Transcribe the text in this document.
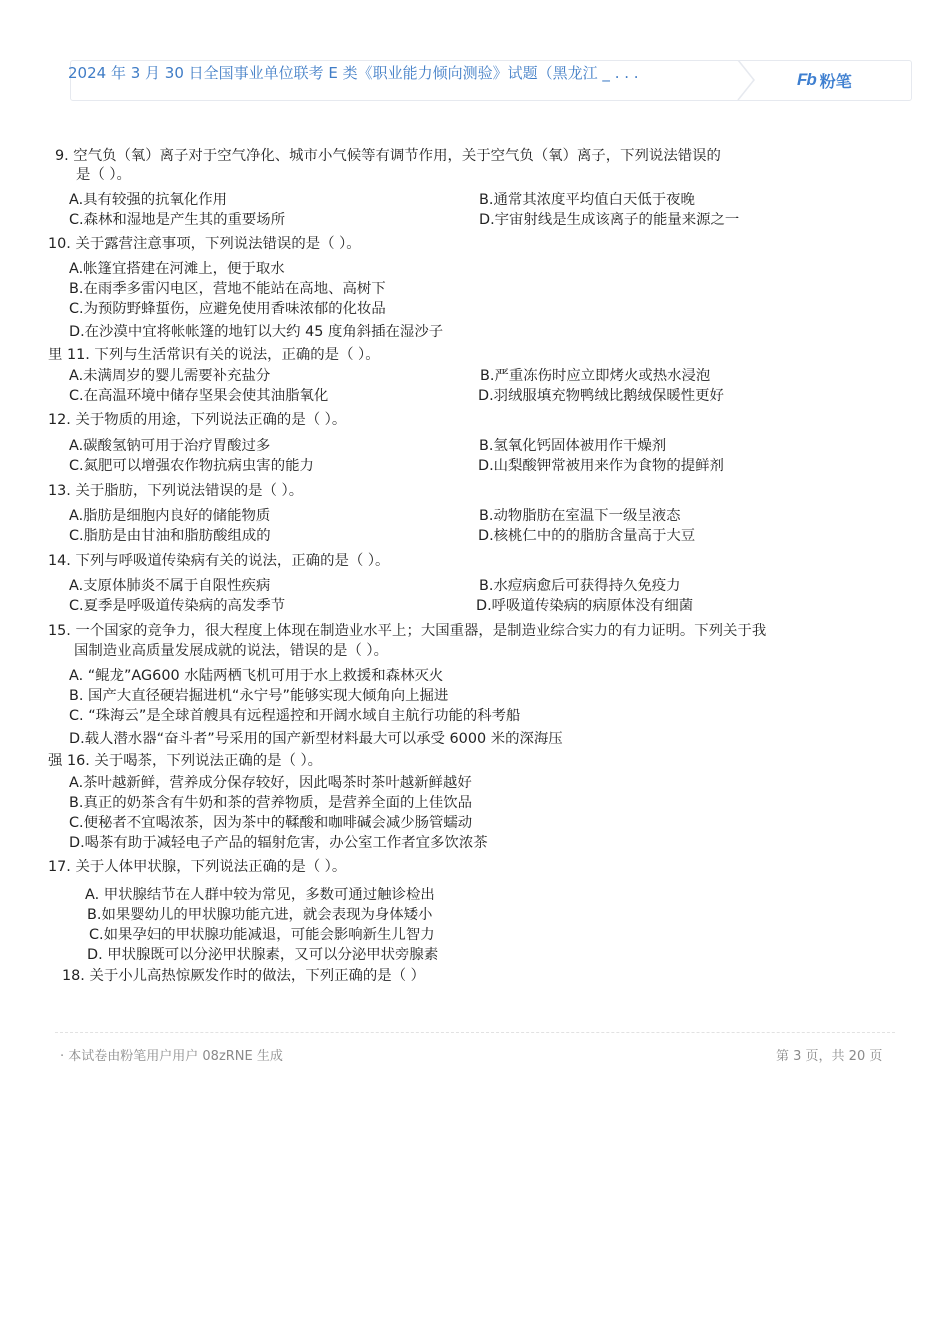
2024 年 3 月 30 日全国事业单位联考 E 类《职业能力倾向测验》试题（黑龙江 _ . . .	Fb 粉笔
9. 空气负（氧）离子对于空气净化、城市小气候等有调节作用，关于空气负（氧）离子，下列说法错误的
是（ ）。
A.具有较强的抗氧化作用	B.通常其浓度平均值白天低于夜晚
C.森林和湿地是产生其的重要场所	D.宇宙射线是生成该离子的能量来源之一
10. 关于露营注意事项，下列说法错误的是（ ）。
A.帐篷宜搭建在河滩上，便于取水
B.在雨季多雷闪电区，营地不能站在高地、高树下
C.为预防野蜂蜇伤，应避免使用香味浓郁的化妆品
D.在沙漠中宜将帐帐篷的地钉以大约 45 度角斜插在湿沙子
里 11. 下列与生活常识有关的说法，正确的是（ ）。
A.未满周岁的婴儿需要补充盐分	B.严重冻伤时应立即烤火或热水浸泡
C.在高温环境中储存坚果会使其油脂氧化	D.羽绒服填充物鸭绒比鹅绒保暖性更好
12. 关于物质的用途，下列说法正确的是（ ）。
A.碳酸氢钠可用于治疗胃酸过多	B.氢氧化钙固体被用作干燥剂
C.氮肥可以增强农作物抗病虫害的能力	D.山梨酸钾常被用来作为食物的提鲜剂
13. 关于脂肪，下列说法错误的是（ ）。
A.脂肪是细胞内良好的储能物质	B.动物脂肪在室温下一级呈液态
C.脂肪是由甘油和脂肪酸组成的	D.核桃仁中的的脂肪含量高于大豆
14. 下列与呼吸道传染病有关的说法，正确的是（ ）。
A.支原体肺炎不属于自限性疾病	B.水痘病愈后可获得持久免疫力
C.夏季是呼吸道传染病的高发季节	D.呼吸道传染病的病原体没有细菌
15. 一个国家的竞争力，很大程度上体现在制造业水平上；大国重器，是制造业综合实力的有力证明。下列关于我
国制造业高质量发展成就的说法，错误的是（ ）。
A. “鲲龙”AG600 水陆两栖飞机可用于水上救援和森林灭火
B. 国产大直径硬岩掘进机“永宁号”能够实现大倾角向上掘进
C. “珠海云”是全球首艘具有远程遥控和开阔水域自主航行功能的科考船
D.载人潜水器“奋斗者”号采用的国产新型材料最大可以承受 6000 米的深海压
强 16. 关于喝茶，下列说法正确的是（ ）。
A.茶叶越新鲜，营养成分保存较好，因此喝茶时茶叶越新鲜越好
B.真正的奶茶含有牛奶和茶的营养物质，是营养全面的上佳饮品
C.便秘者不宜喝浓茶，因为茶中的鞣酸和咖啡碱会减少肠管蠕动
D.喝茶有助于减轻电子产品的辐射危害，办公室工作者宜多饮浓茶
17. 关于人体甲状腺，下列说法正确的是（ ）。
A. 甲状腺结节在人群中较为常见，多数可通过触诊检出
B.如果婴幼儿的甲状腺功能亢进，就会表现为身体矮小
C.如果孕妇的甲状腺功能减退，可能会影响新生儿智力
D. 甲状腺既可以分泌甲状腺素，又可以分泌甲状旁腺素
18. 关于小儿高热惊厥发作时的做法，下列正确的是（ ）
· 本试卷由粉笔用户用户 08zRNE 生成	第 3 页，共 20 页
